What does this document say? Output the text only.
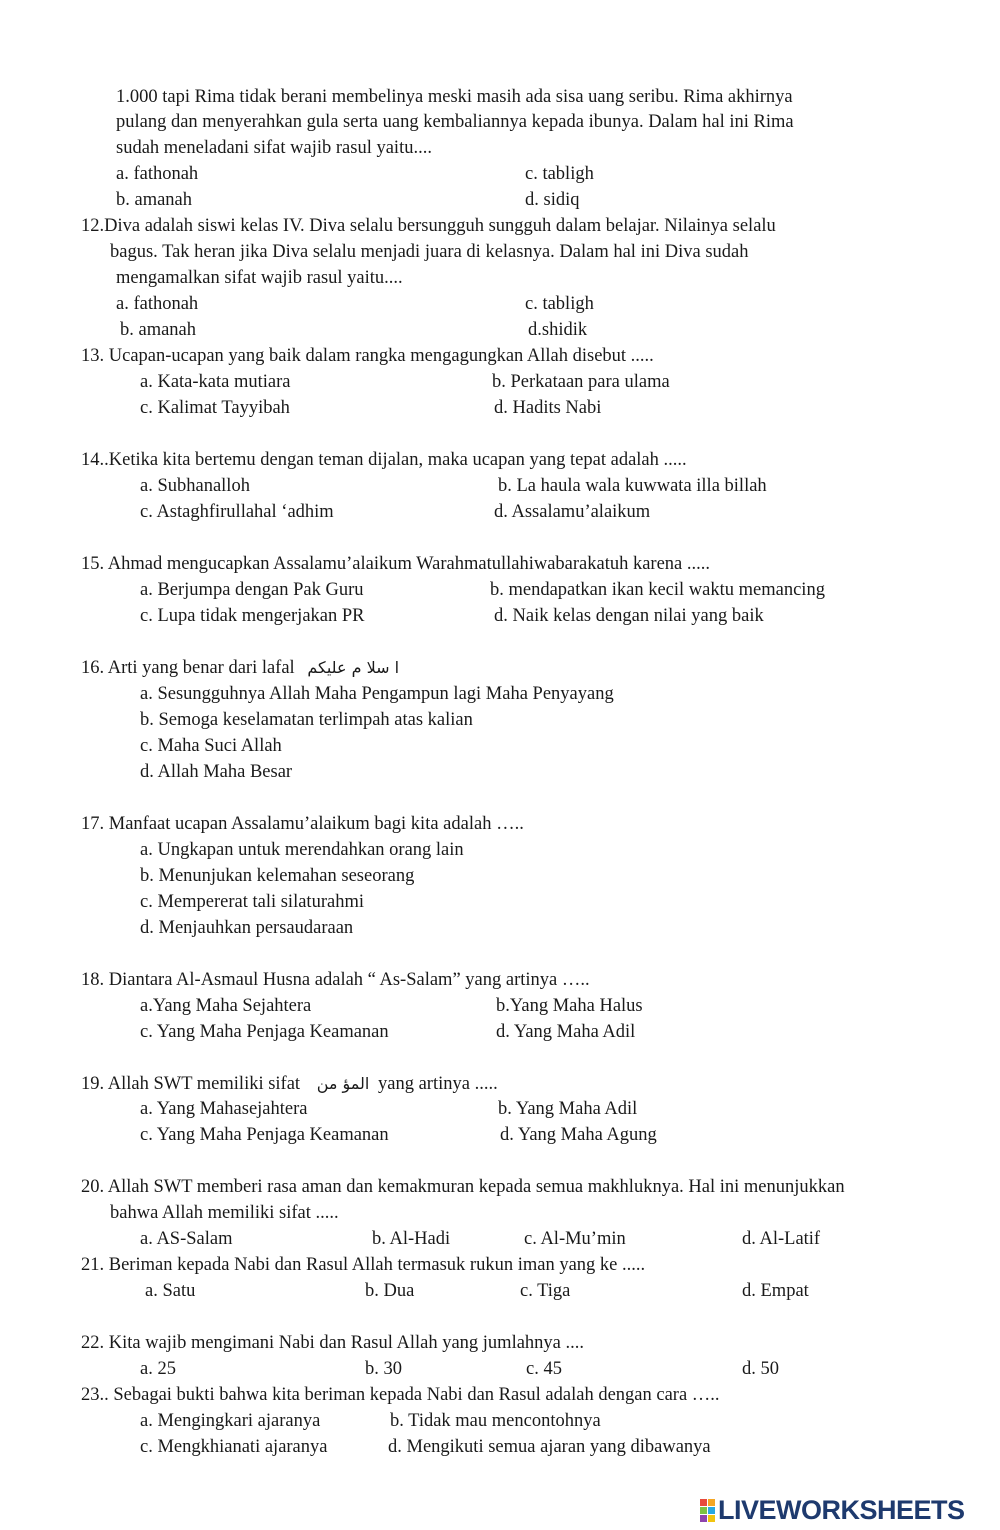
1.000 tapi Rima tidak berani membelinya meski masih ada sisa uang seribu. Rima akhirnya
pulang dan menyerahkan gula serta uang kembaliannya kepada ibunya. Dalam hal ini Rima
sudah meneladani sifat wajib rasul yaitu....
a. fathonah	c. tabligh
b. amanah	d. sidiq
12.Diva adalah siswi kelas IV. Diva selalu bersungguh sungguh dalam belajar. Nilainya selalu
bagus. Tak heran jika Diva selalu menjadi juara di kelasnya. Dalam hal ini Diva sudah
mengamalkan sifat wajib rasul yaitu....
a. fathonah	c. tabligh
b. amanah	d.shidik
13. Ucapan-ucapan yang baik dalam rangka mengagungkan Allah disebut .....
a. Kata-kata mutiara	b. Perkataan para ulama
c. Kalimat Tayyibah	d. Hadits Nabi
14..Ketika kita bertemu dengan teman dijalan, maka ucapan yang tepat adalah .....
a. Subhanalloh	b. La haula wala kuwwata illa billah
c. Astaghfirullahal ‘adhim	d. Assalamu’alaikum
15. Ahmad mengucapkan Assalamu’alaikum Warahmatullahiwabarakatuh karena .....
a. Berjumpa dengan Pak Guru	b. mendapatkan ikan kecil waktu memancing
c. Lupa tidak mengerjakan PR	d. Naik kelas dengan nilai yang baik
16. Arti yang benar dari lafal ا سلا م عليكم
a. Sesungguhnya Allah Maha Pengampun lagi Maha Penyayang
b. Semoga keselamatan terlimpah atas kalian
c. Maha Suci Allah
d. Allah Maha Besar
17. Manfaat ucapan Assalamu’alaikum bagi kita adalah …..
a. Ungkapan untuk merendahkan orang lain
b. Menunjukan kelemahan seseorang
c. Mempererat tali silaturahmi
d. Menjauhkan persaudaraan
18. Diantara Al-Asmaul Husna adalah “ As-Salam” yang artinya …..
a.Yang Maha Sejahtera	b.Yang Maha Halus
c. Yang Maha Penjaga Keamanan	d. Yang Maha Adil
19. Allah SWT memiliki sifat المؤ من yang artinya .....
a. Yang Mahasejahtera	b. Yang Maha Adil
c. Yang Maha Penjaga Keamanan	d. Yang Maha Agung
20. Allah SWT memberi rasa aman dan kemakmuran kepada semua makhluknya. Hal ini menunjukkan
bahwa Allah memiliki sifat .....
a. AS-Salam	b. Al-Hadi	c. Al-Mu’min	d. Al-Latif
21. Beriman kepada Nabi dan Rasul Allah termasuk rukun iman yang ke .....
a. Satu	b. Dua	c. Tiga	d. Empat
22. Kita wajib mengimani Nabi dan Rasul Allah yang jumlahnya ....
a. 25	b. 30	c. 45	d. 50
23.. Sebagai bukti bahwa kita beriman kepada Nabi dan Rasul adalah dengan cara …..
a. Mengingkari ajaranya	b. Tidak mau mencontohnya
c. Mengkhianati ajaranya	d. Mengikuti semua ajaran yang dibawanya
LIVEWORKSHEETS
